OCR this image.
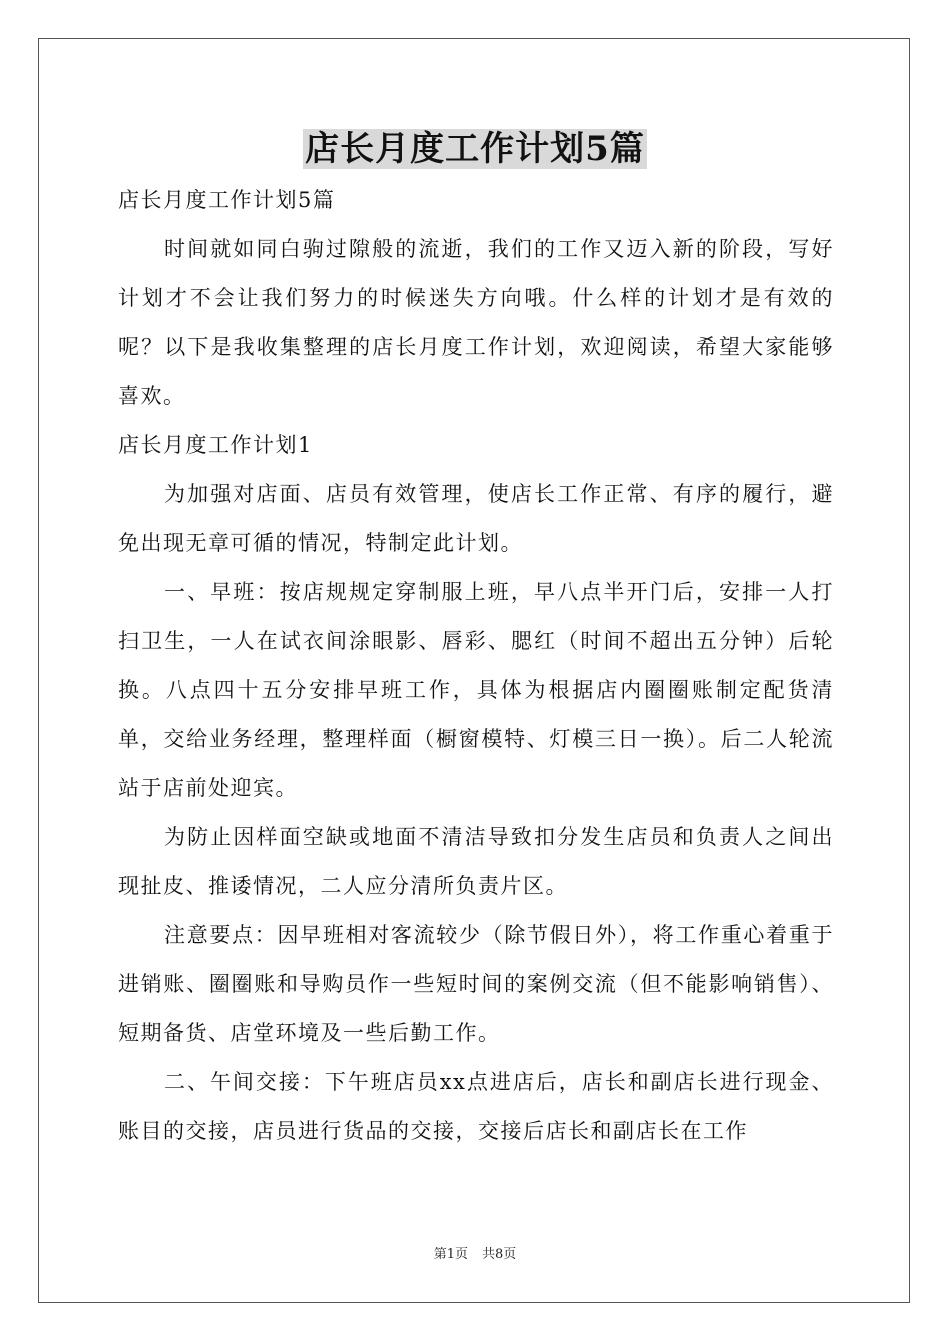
店长月度工作计划5篇

店长月度工作计划5篇

时间就如同白驹过隙般的流逝，我们的工作又迈入新的阶段，写好计划才不会让我们努力的时候迷失方向哦。什么样的计划才是有效的呢？以下是我收集整理的店长月度工作计划，欢迎阅读，希望大家能够喜欢。

店长月度工作计划1

为加强对店面、店员有效管理，使店长工作正常、有序的履行，避免出现无章可循的情况，特制定此计划。

一、早班：按店规规定穿制服上班，早八点半开门后，安排一人打扫卫生，一人在试衣间涂眼影、唇彩、腮红（时间不超出五分钟）后轮换。八点四十五分安排早班工作，具体为根据店内圈圈账制定配货清单，交给业务经理，整理样面（橱窗模特、灯模三日一换）。后二人轮流站于店前处迎宾。

为防止因样面空缺或地面不清洁导致扣分发生店员和负责人之间出现扯皮、推诿情况，二人应分清所负责片区。

注意要点：因早班相对客流较少（除节假日外），将工作重心着重于进销账、圈圈账和导购员作一些短时间的案例交流（但不能影响销售）、短期备货、店堂环境及一些后勤工作。

二、午间交接：下午班店员xx点进店后，店长和副店长进行现金、账目的交接，店员进行货品的交接，交接后店长和副店长在工作

第1页 共8页
